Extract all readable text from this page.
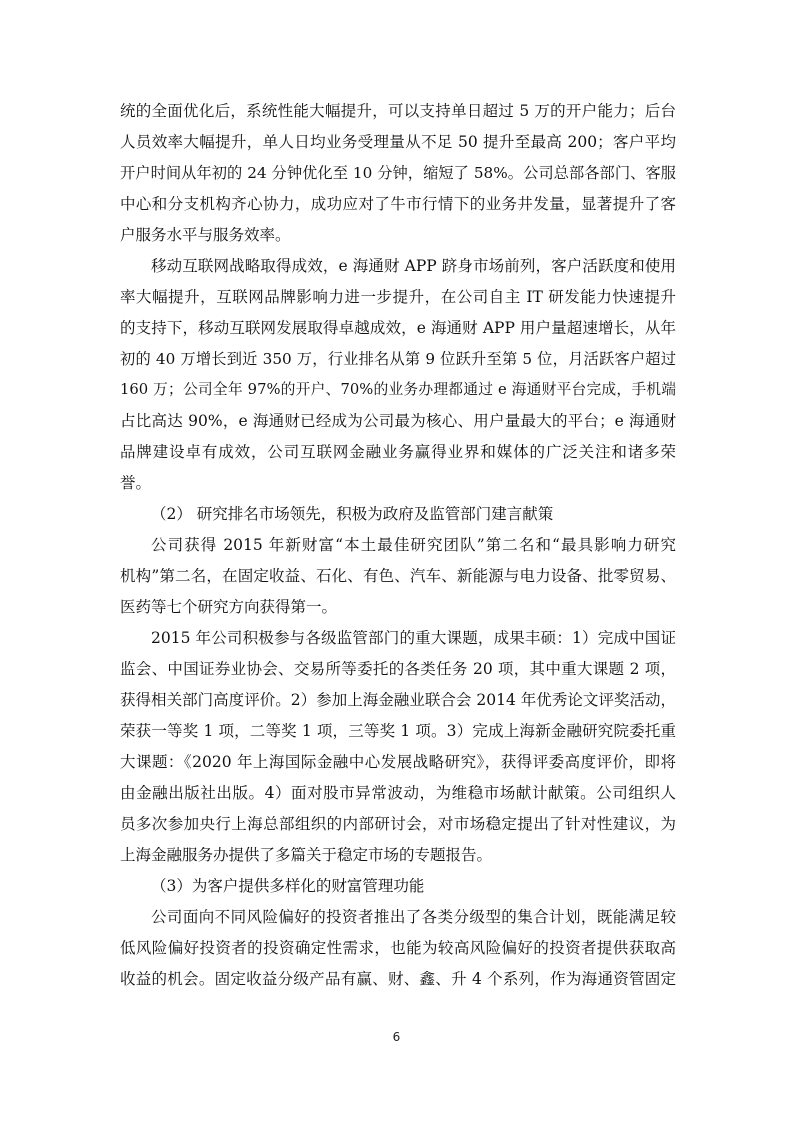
统的全面优化后，系统性能大幅提升，可以支持单日超过 5 万的开户能力；后台
人员效率大幅提升，单人日均业务受理量从不足 50 提升至最高 200；客户平均
开户时间从年初的 24 分钟优化至 10 分钟，缩短了 58%。公司总部各部门、客服
中心和分支机构齐心协力，成功应对了牛市行情下的业务井发量，显著提升了客
户服务水平与服务效率。
移动互联网战略取得成效，e 海通财 APP 跻身市场前列，客户活跃度和使用
率大幅提升，互联网品牌影响力进一步提升，在公司自主 IT 研发能力快速提升
的支持下，移动互联网发展取得卓越成效，e 海通财 APP 用户量超速增长，从年
初的 40 万增长到近 350 万，行业排名从第 9 位跃升至第 5 位，月活跃客户超过
160 万；公司全年 97%的开户、70%的业务办理都通过 e 海通财平台完成，手机端
占比高达 90%，e 海通财已经成为公司最为核心、用户量最大的平台；e 海通财
品牌建设卓有成效，公司互联网金融业务赢得业界和媒体的广泛关注和诸多荣
誉。
（2） 研究排名市场领先，积极为政府及监管部门建言献策
公司获得 2015 年新财富“本土最佳研究团队”第二名和“最具影响力研究
机构”第二名，在固定收益、石化、有色、汽车、新能源与电力设备、批零贸易、
医药等七个研究方向获得第一。
2015 年公司积极参与各级监管部门的重大课题，成果丰硕：1）完成中国证
监会、中国证券业协会、交易所等委托的各类任务 20 项，其中重大课题 2 项，
获得相关部门高度评价。2）参加上海金融业联合会 2014 年优秀论文评奖活动，
荣获一等奖 1 项，二等奖 1 项，三等奖 1 项。3）完成上海新金融研究院委托重
大课题：《2020 年上海国际金融中心发展战略研究》，获得评委高度评价，即将
由金融出版社出版。4）面对股市异常波动，为维稳市场献计献策。公司组织人
员多次参加央行上海总部组织的内部研讨会，对市场稳定提出了针对性建议，为
上海金融服务办提供了多篇关于稳定市场的专题报告。
（3）为客户提供多样化的财富管理功能
公司面向不同风险偏好的投资者推出了各类分级型的集合计划，既能满足较
低风险偏好投资者的投资确定性需求，也能为较高风险偏好的投资者提供获取高
收益的机会。固定收益分级产品有赢、财、鑫、升 4 个系列，作为海通资管固定
6
